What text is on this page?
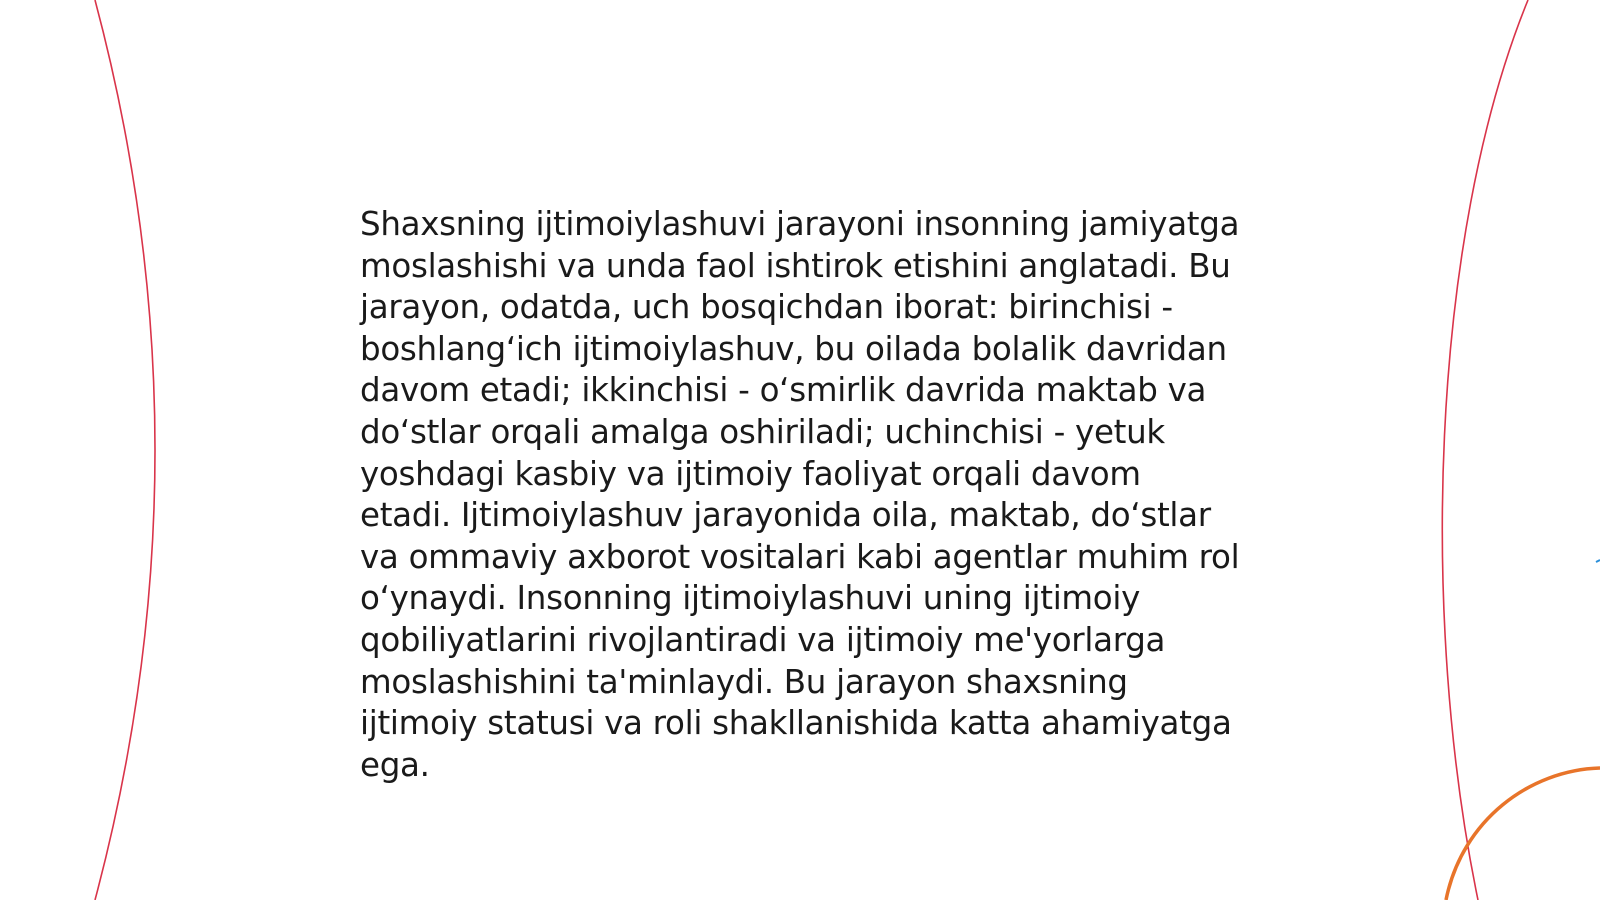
Shaxsning ijtimoiylashuvi jarayoni insonning jamiyatga moslashishi va unda faol ishtirok etishini anglatadi. Bu jarayon, odatda, uch bosqichdan iborat: birinchisi - boshlang‘ich ijtimoiylashuv, bu oilada bolalik davridan davom etadi; ikkinchisi - o‘smirlik davrida maktab va do‘stlar orqali amalga oshiriladi; uchinchisi - yetuk yoshdagi kasbiy va ijtimoiy faoliyat orqali davom etadi. Ijtimoiylashuv jarayonida oila, maktab, do‘stlar va ommaviy axborot vositalari kabi agentlar muhim rol o‘ynaydi. Insonning ijtimoiylashuvi uning ijtimoiy qobiliyatlarini rivojlantiradi va ijtimoiy me'yorlarga moslashishini ta'minlaydi. Bu jarayon shaxsning ijtimoiy statusi va roli shakllanishida katta ahamiyatga ega.
